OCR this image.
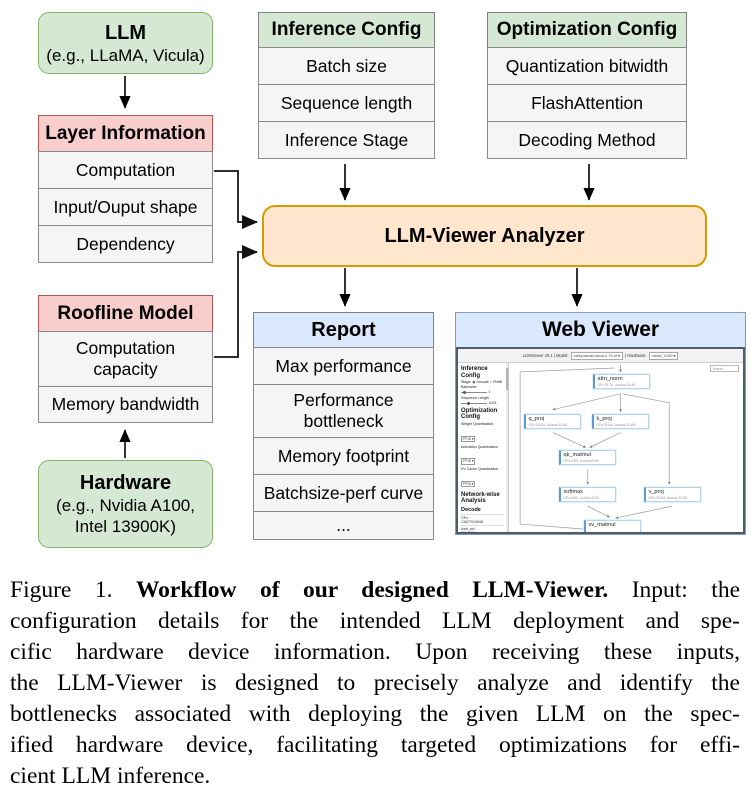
LLM
(e.g., LLaMA, Vicula)
Layer Information
Computation
Input/Ouput shape
Dependency
Inference Config
Batch size
Sequence length
Inference Stage
Optimization Config
Quantization bitwidth
FlashAttention
Decoding Method
LLM-Viewer Analyzer
Roofline Model
Computation capacity
Memory bandwidth
Hardware
(e.g., Nvidia A100,
Intel 13900K)
Report
Max performance
Performance bottleneck
Memory footprint
Batchsize-perf curve
...
Web Viewer
LLMViewer v0.1 | Model:	meta-llama/Llama-2-7b-hf ▾	| Hardware:	nvidia_V100 ▾
Inference Config
Stage: ◉ Decode ○ Prefill
Batchsize
1
Sequence Length
1024
Optimization Config
Weight Quantization:
FP16 ▾
Activation Quantization
FP16 ▾
KV Cache Quantization
FP16 ▾
Network-wise Analysis
Decode
OPs
13627910848
load_act
Search
attn_norm
OPs:28.7K, Access:16.4K
q_proj
OPs:33.6M, Access:33.6M
k_proj
OPs:33.6M, Access:33.6M
qk_matmul
OPs:8.4M, Access:8.5M
softmax
OPs:184K, Access:131K
v_proj
OPs:33.6M, Access:33.6M
sv_matmul
Figure 1. Workflow of our designed LLM-Viewer. Input: the
configuration details for the intended LLM deployment and spe-
cific hardware device information. Upon receiving these inputs,
the LLM-Viewer is designed to precisely analyze and identify the
bottlenecks associated with deploying the given LLM on the spec-
ified hardware device, facilitating targeted optimizations for effi-
cient LLM inference.
